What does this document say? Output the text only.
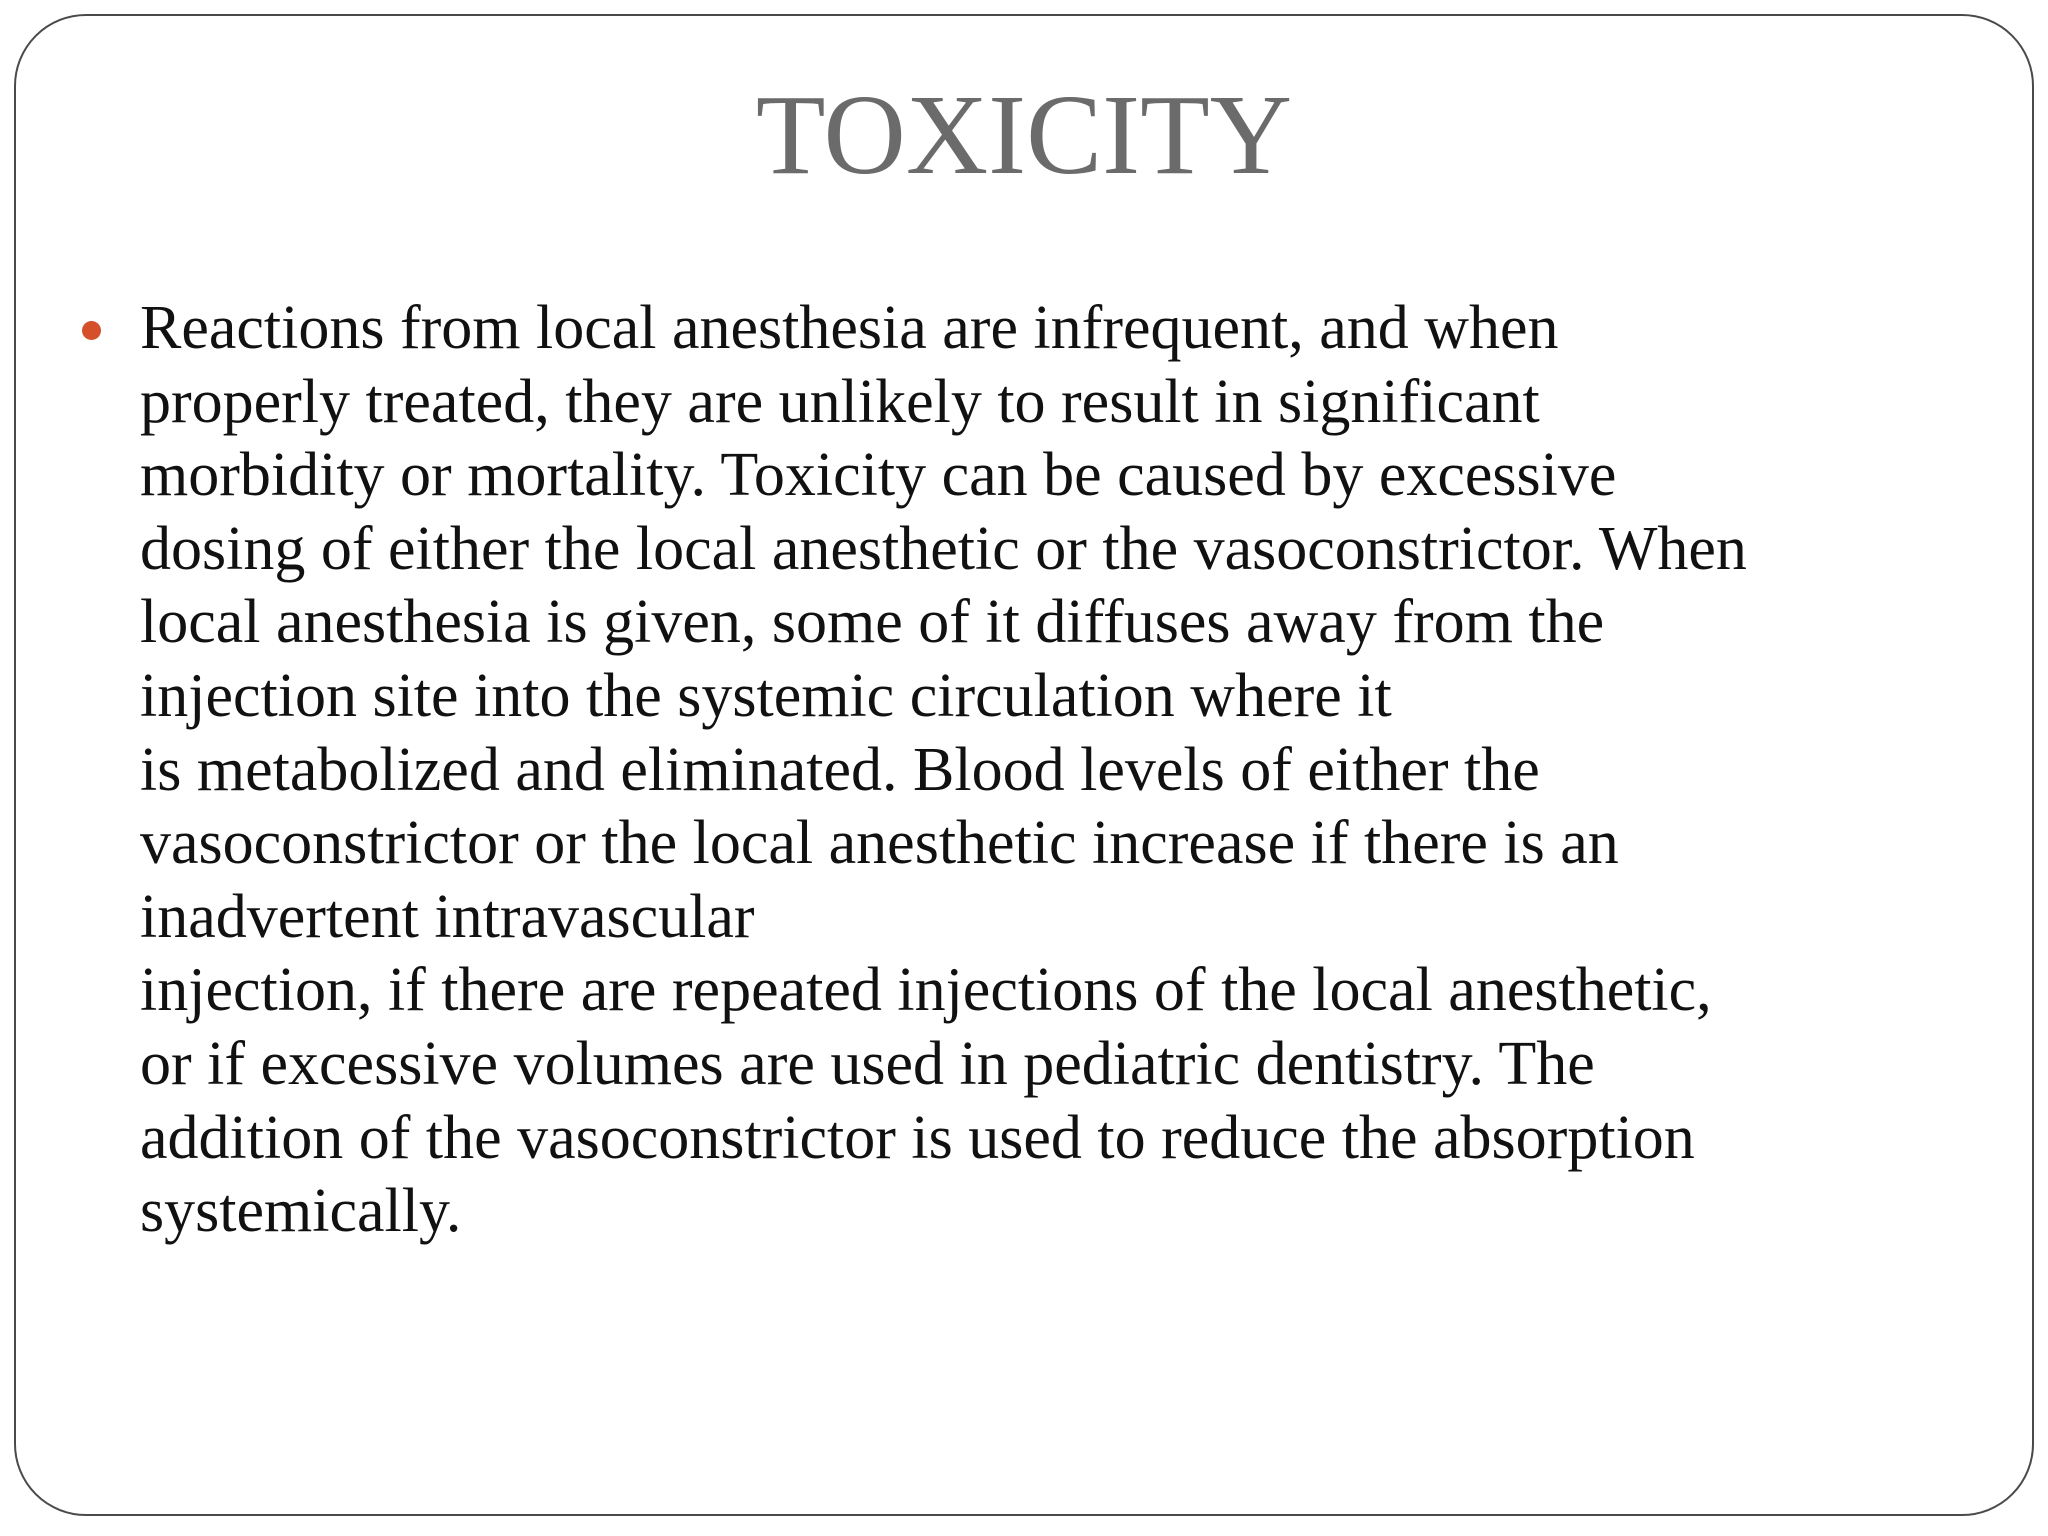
TOXICITY
Reactions from local anesthesia are infrequent, and when
properly treated, they are unlikely to result in significant
morbidity or mortality. Toxicity can be caused by excessive
dosing of either the local anesthetic or the vasoconstrictor. When
local anesthesia is given, some of it diffuses away from the
injection site into the systemic circulation where it
is metabolized and eliminated. Blood levels of either the
vasoconstrictor or the local anesthetic increase if there is an
inadvertent intravascular
injection, if there are repeated injections of the local anesthetic,
or if excessive volumes are used in pediatric dentistry. The
addition of the vasoconstrictor is used to reduce the absorption
systemically.
